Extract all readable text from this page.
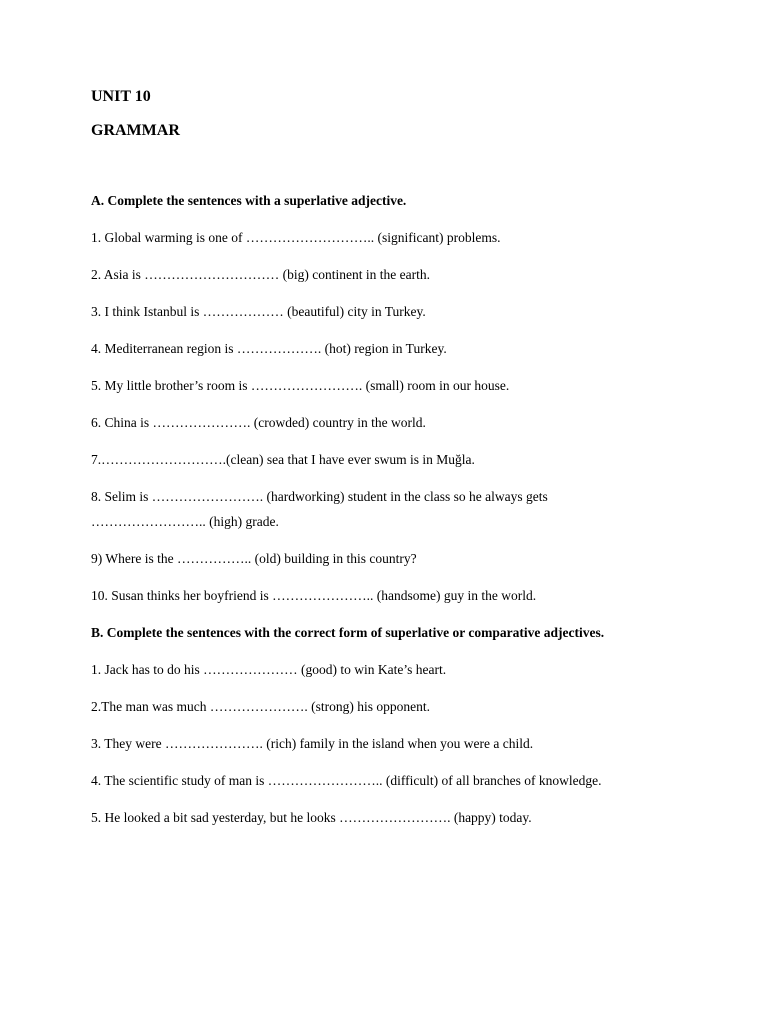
UNIT 10

GRAMMAR

A. Complete the sentences with a superlative adjective.

1. Global warming is one of ……………………….. (significant) problems.

2. Asia is ………………………… (big) continent in the earth.

3. I think Istanbul is ……………… (beautiful) city in Turkey.

4. Mediterranean region is ………………. (hot) region in Turkey.

5. My little brother’s room is ……………………. (small) room in our house.

6. China is …………………. (crowded) country in the world.

7.……………………….(clean) sea that I have ever swum is in Muğla.

8. Selim is ……………………. (hardworking) student in the class so he always gets …………………….. (high) grade.

9) Where is the …………….. (old) building in this country?

10. Susan thinks her boyfriend is ………………….. (handsome) guy in the world.

B. Complete the sentences with the correct form of superlative or comparative adjectives.

1. Jack has to do his ………………… (good) to win Kate’s heart.

2.The man was much …………………. (strong) his opponent.

3. They were …………………. (rich) family in the island when you were a child.

4. The scientific study of man is …………………….. (difficult) of all branches of knowledge.

5. He looked a bit sad yesterday, but he looks ……………………. (happy) today.
